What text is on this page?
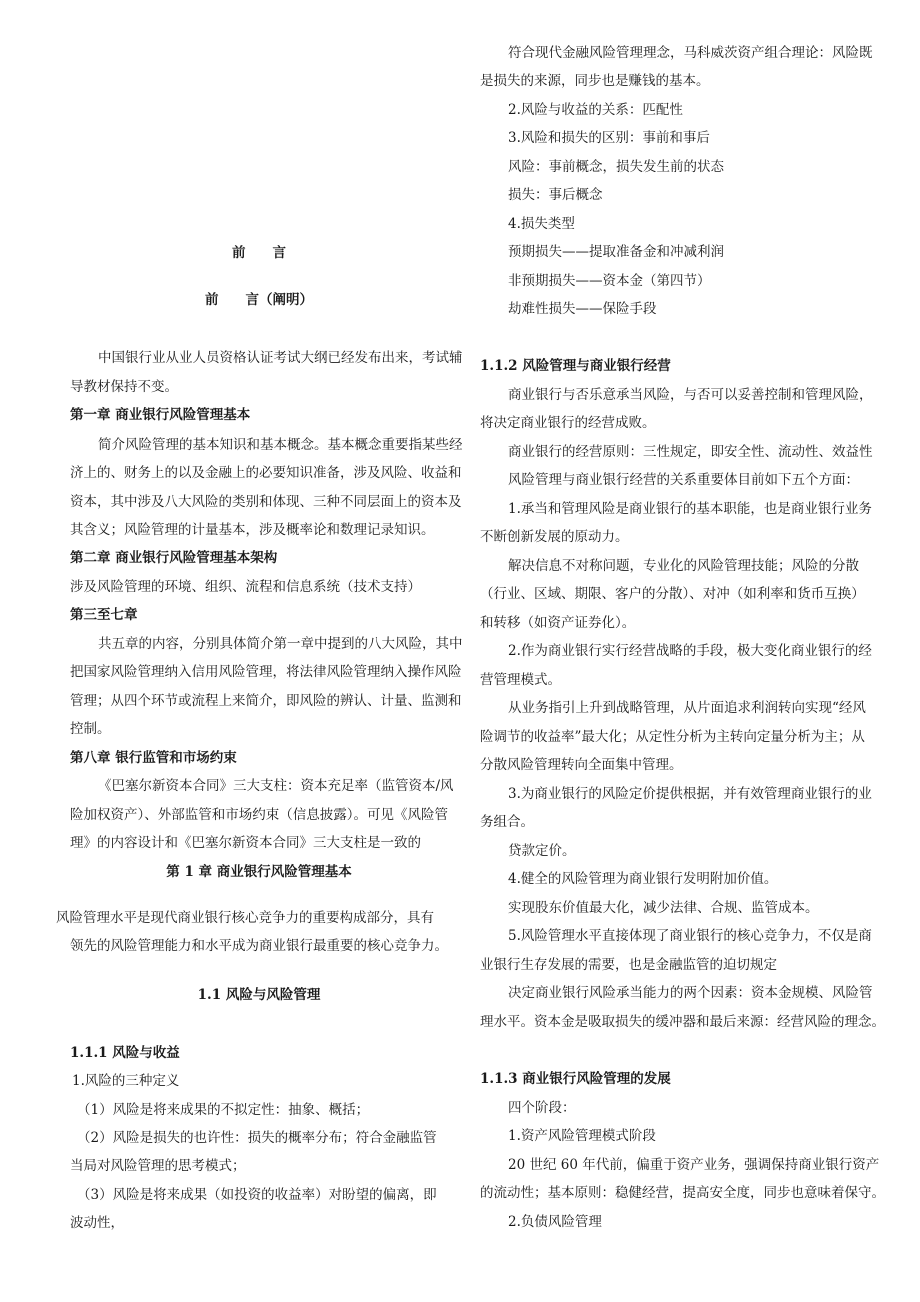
前　　言
前　　言（阐明）
中国银行业从业人员资格认证考试大纲已经发布出来，考试辅
导教材保持不变。
第一章 商业银行风险管理基本
简介风险管理的基本知识和基本概念。基本概念重要指某些经
济上的、财务上的以及金融上的必要知识准备，涉及风险、收益和
资本，其中涉及八大风险的类别和体现、三种不同层面上的资本及
其含义；风险管理的计量基本，涉及概率论和数理记录知识。
第二章 商业银行风险管理基本架构
涉及风险管理的环境、组织、流程和信息系统（技术支持）
第三至七章
共五章的内容，分别具体简介第一章中提到的八大风险，其中
把国家风险管理纳入信用风险管理，将法律风险管理纳入操作风险
管理；从四个环节或流程上来简介，即风险的辨认、计量、监测和
控制。
第八章 银行监管和市场约束
《巴塞尔新资本合同》三大支柱：资本充足率（监管资本/风
险加权资产）、外部监管和市场约束（信息披露）。可见《风险管
理》的内容设计和《巴塞尔新资本合同》三大支柱是一致的
第 1 章 商业银行风险管理基本
风险管理水平是现代商业银行核心竞争力的重要构成部分，具有
领先的风险管理能力和水平成为商业银行最重要的核心竞争力。
1.1 风险与风险管理
1.1.1 风险与收益
1.风险的三种定义
（1）风险是将来成果的不拟定性：抽象、概括；
（2）风险是损失的也许性：损失的概率分布；符合金融监管
当局对风险管理的思考模式；
（3）风险是将来成果（如投资的收益率）对盼望的偏离，即
波动性，
符合现代金融风险管理理念，马科威茨资产组合理论：风险既
是损失的来源，同步也是赚钱的基本。
2.风险与收益的关系：匹配性
3.风险和损失的区别：事前和事后
风险：事前概念，损失发生前的状态
损失：事后概念
4.损失类型
预期损失——提取准备金和冲减利润
非预期损失——资本金（第四节）
劫难性损失——保险手段
1.1.2 风险管理与商业银行经营
商业银行与否乐意承当风险，与否可以妥善控制和管理风险，
将决定商业银行的经营成败。
商业银行的经营原则：三性规定，即安全性、流动性、效益性
风险管理与商业银行经营的关系重要体目前如下五个方面：
1.承当和管理风险是商业银行的基本职能，也是商业银行业务
不断创新发展的原动力。
解决信息不对称问题，专业化的风险管理技能；风险的分散
（行业、区域、期限、客户的分散）、对冲（如利率和货币互换）
和转移（如资产证券化）。
2.作为商业银行实行经营战略的手段，极大变化商业银行的经
营管理模式。
从业务指引上升到战略管理，从片面追求利润转向实现“经风
险调节的收益率”最大化；从定性分析为主转向定量分析为主；从
分散风险管理转向全面集中管理。
3.为商业银行的风险定价提供根据，并有效管理商业银行的业
务组合。
贷款定价。
4.健全的风险管理为商业银行发明附加价值。
实现股东价值最大化，减少法律、合规、监管成本。
5.风险管理水平直接体现了商业银行的核心竞争力，不仅是商
业银行生存发展的需要，也是金融监管的迫切规定
决定商业银行风险承当能力的两个因素：资本金规模、风险管
理水平。资本金是吸取损失的缓冲器和最后来源：经营风险的理念。
1.1.3 商业银行风险管理的发展
四个阶段：
1.资产风险管理模式阶段
20 世纪 60 年代前，偏重于资产业务，强调保持商业银行资产
的流动性；基本原则：稳健经营，提高安全度，同步也意味着保守。
2.负债风险管理
